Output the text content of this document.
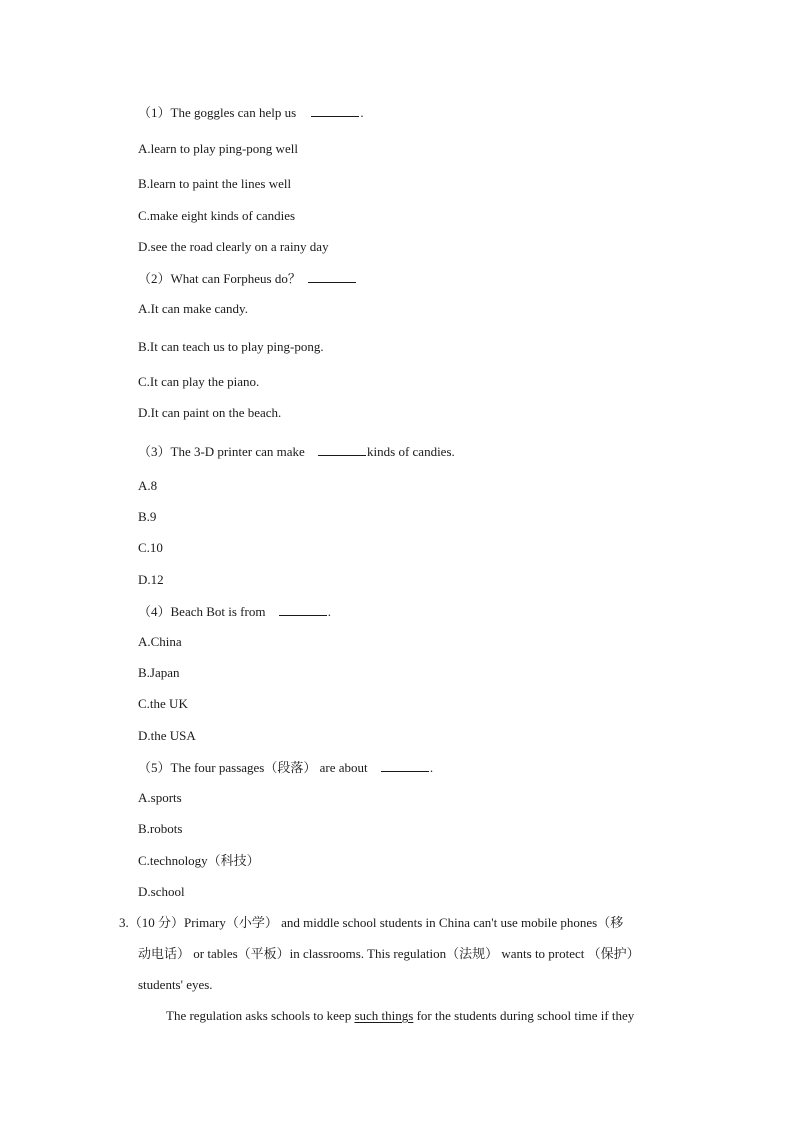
（1）The goggles can help us	.
A.learn to play ping-pong well
B.learn to paint the lines well
C.make eight kinds of candies
D.see the road clearly on a rainy day
（2）What can Forpheus do？
A.It can make candy.
B.It can teach us to play ping-pong.
C.It can play the piano.
D.It can paint on the beach.
（3）The 3-D printer can make	kinds of candies.
A.8
B.9
C.10
D.12
（4）Beach Bot is from	.
A.China
B.Japan
C.the UK
D.the USA
（5）The four passages（段落） are about	.
A.sports
B.robots
C.technology（科技）
D.school
3.（10 分）Primary（小学） and middle school students in China can't use mobile phones（移
动电话） or tables（平板）in classrooms. This regulation（法规） wants to protect （保护）
students' eyes.
The regulation asks schools to keep such things for the students during school time if they
